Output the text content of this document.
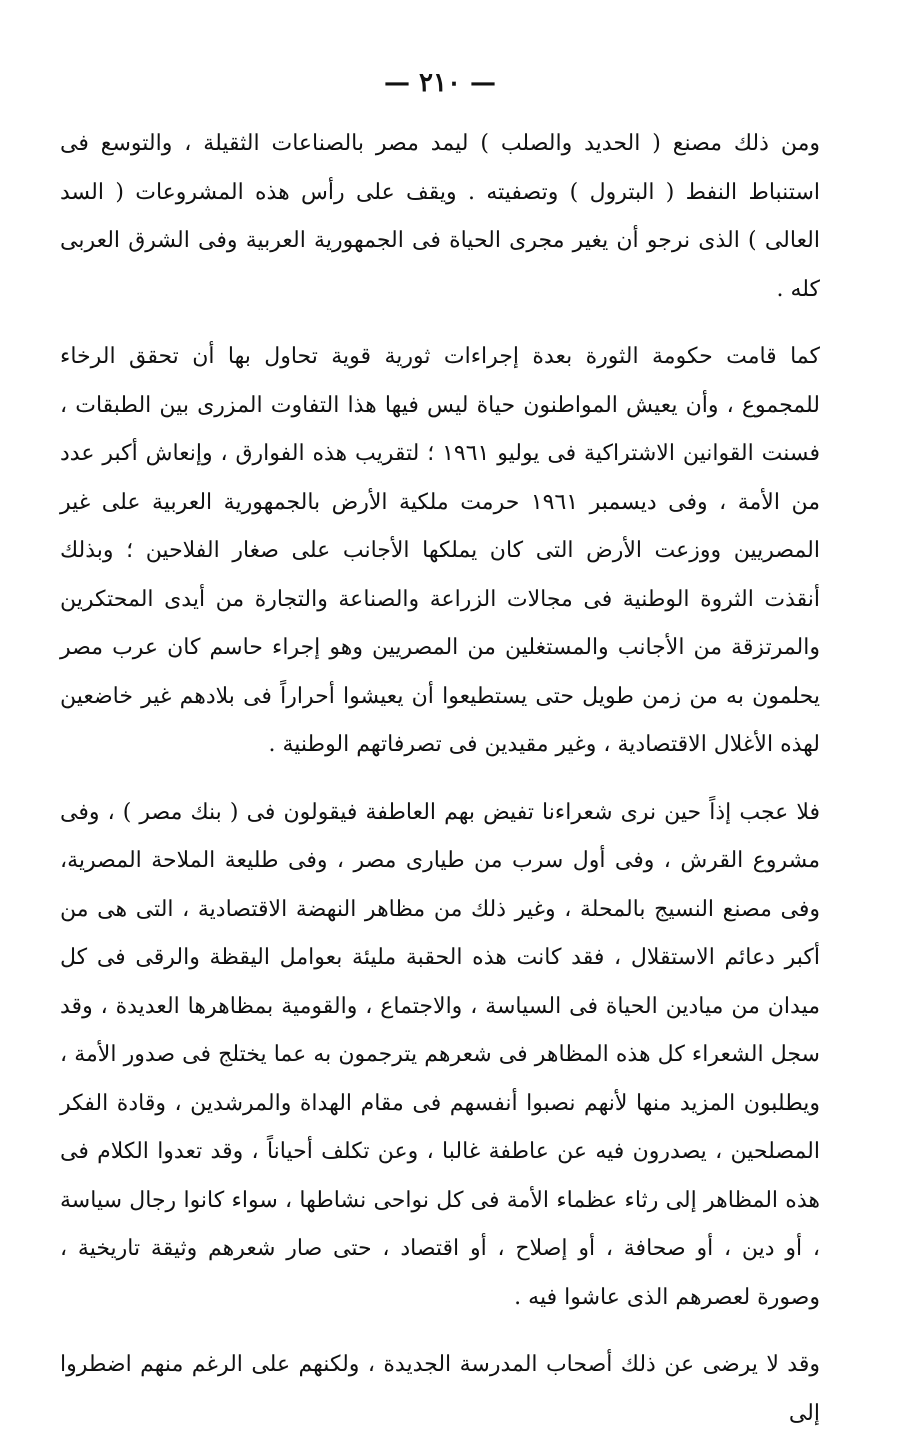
— ٢١٠ —

ومن ذلك مصنع ( الحديد والصلب ) ليمد مصر بالصناعات الثقيلة ، والتوسع فى استنباط النفط ( البترول ) وتصفيته . ويقف على رأس هذه المشروعات ( السد العالى ) الذى نرجو أن يغير مجرى الحياة فى الجمهورية العربية وفى الشرق العربى كله .

كما قامت حكومة الثورة بعدة إجراءات ثورية قوية تحاول بها أن تحقق الرخاء للمجموع ، وأن يعيش المواطنون حياة ليس فيها هذا التفاوت المزرى بين الطبقات ، فسنت القوانين الاشتراكية فى يوليو ١٩٦١ ؛ لتقريب هذه الفوارق ، وإنعاش أكبر عدد من الأمة ، وفى ديسمبر ١٩٦١ حرمت ملكية الأرض بالجمهورية العربية على غير المصريين ووزعت الأرض التى كان يملكها الأجانب على صغار الفلاحين ؛ وبذلك أنقذت الثروة الوطنية فى مجالات الزراعة والصناعة والتجارة من أيدى المحتكرين والمرتزقة من الأجانب والمستغلين من المصريين وهو إجراء حاسم كان عرب مصر يحلمون به من زمن طويل حتى يستطيعوا أن يعيشوا أحراراً فى بلادهم غير خاضعين لهذه الأغلال الاقتصادية ، وغير مقيدين فى تصرفاتهم الوطنية .

فلا عجب إذاً حين نرى شعراءنا تفيض بهم العاطفة فيقولون فى ( بنك مصر ) ، وفى مشروع القرش ، وفى أول سرب من طيارى مصر ، وفى طليعة الملاحة المصرية، وفى مصنع النسيج بالمحلة ، وغير ذلك من مظاهر النهضة الاقتصادية ، التى هى من أكبر دعائم الاستقلال ، فقد كانت هذه الحقبة مليئة بعوامل اليقظة والرقى فى كل ميدان من ميادين الحياة فى السياسة ، والاجتماع ، والقومية بمظاهرها العديدة ، وقد سجل الشعراء كل هذه المظاهر فى شعرهم يترجمون به عما يختلج فى صدور الأمة ، ويطلبون المزيد منها لأنهم نصبوا أنفسهم فى مقام الهداة والمرشدين ، وقادة الفكر المصلحين ، يصدرون فيه عن عاطفة غالبا ، وعن تكلف أحياناً ، وقد تعدوا الكلام فى هذه المظاهر إلى رثاء عظماء الأمة فى كل نواحى نشاطها ، سواء كانوا رجال سياسة ، أو دين ، أو صحافة ، أو إصلاح ، أو اقتصاد ، حتى صار شعرهم وثيقة تاريخية ، وصورة لعصرهم الذى عاشوا فيه .

وقد لا يرضى عن ذلك أصحاب المدرسة الجديدة ، ولكنهم على الرغم منهم اضطروا إلى
